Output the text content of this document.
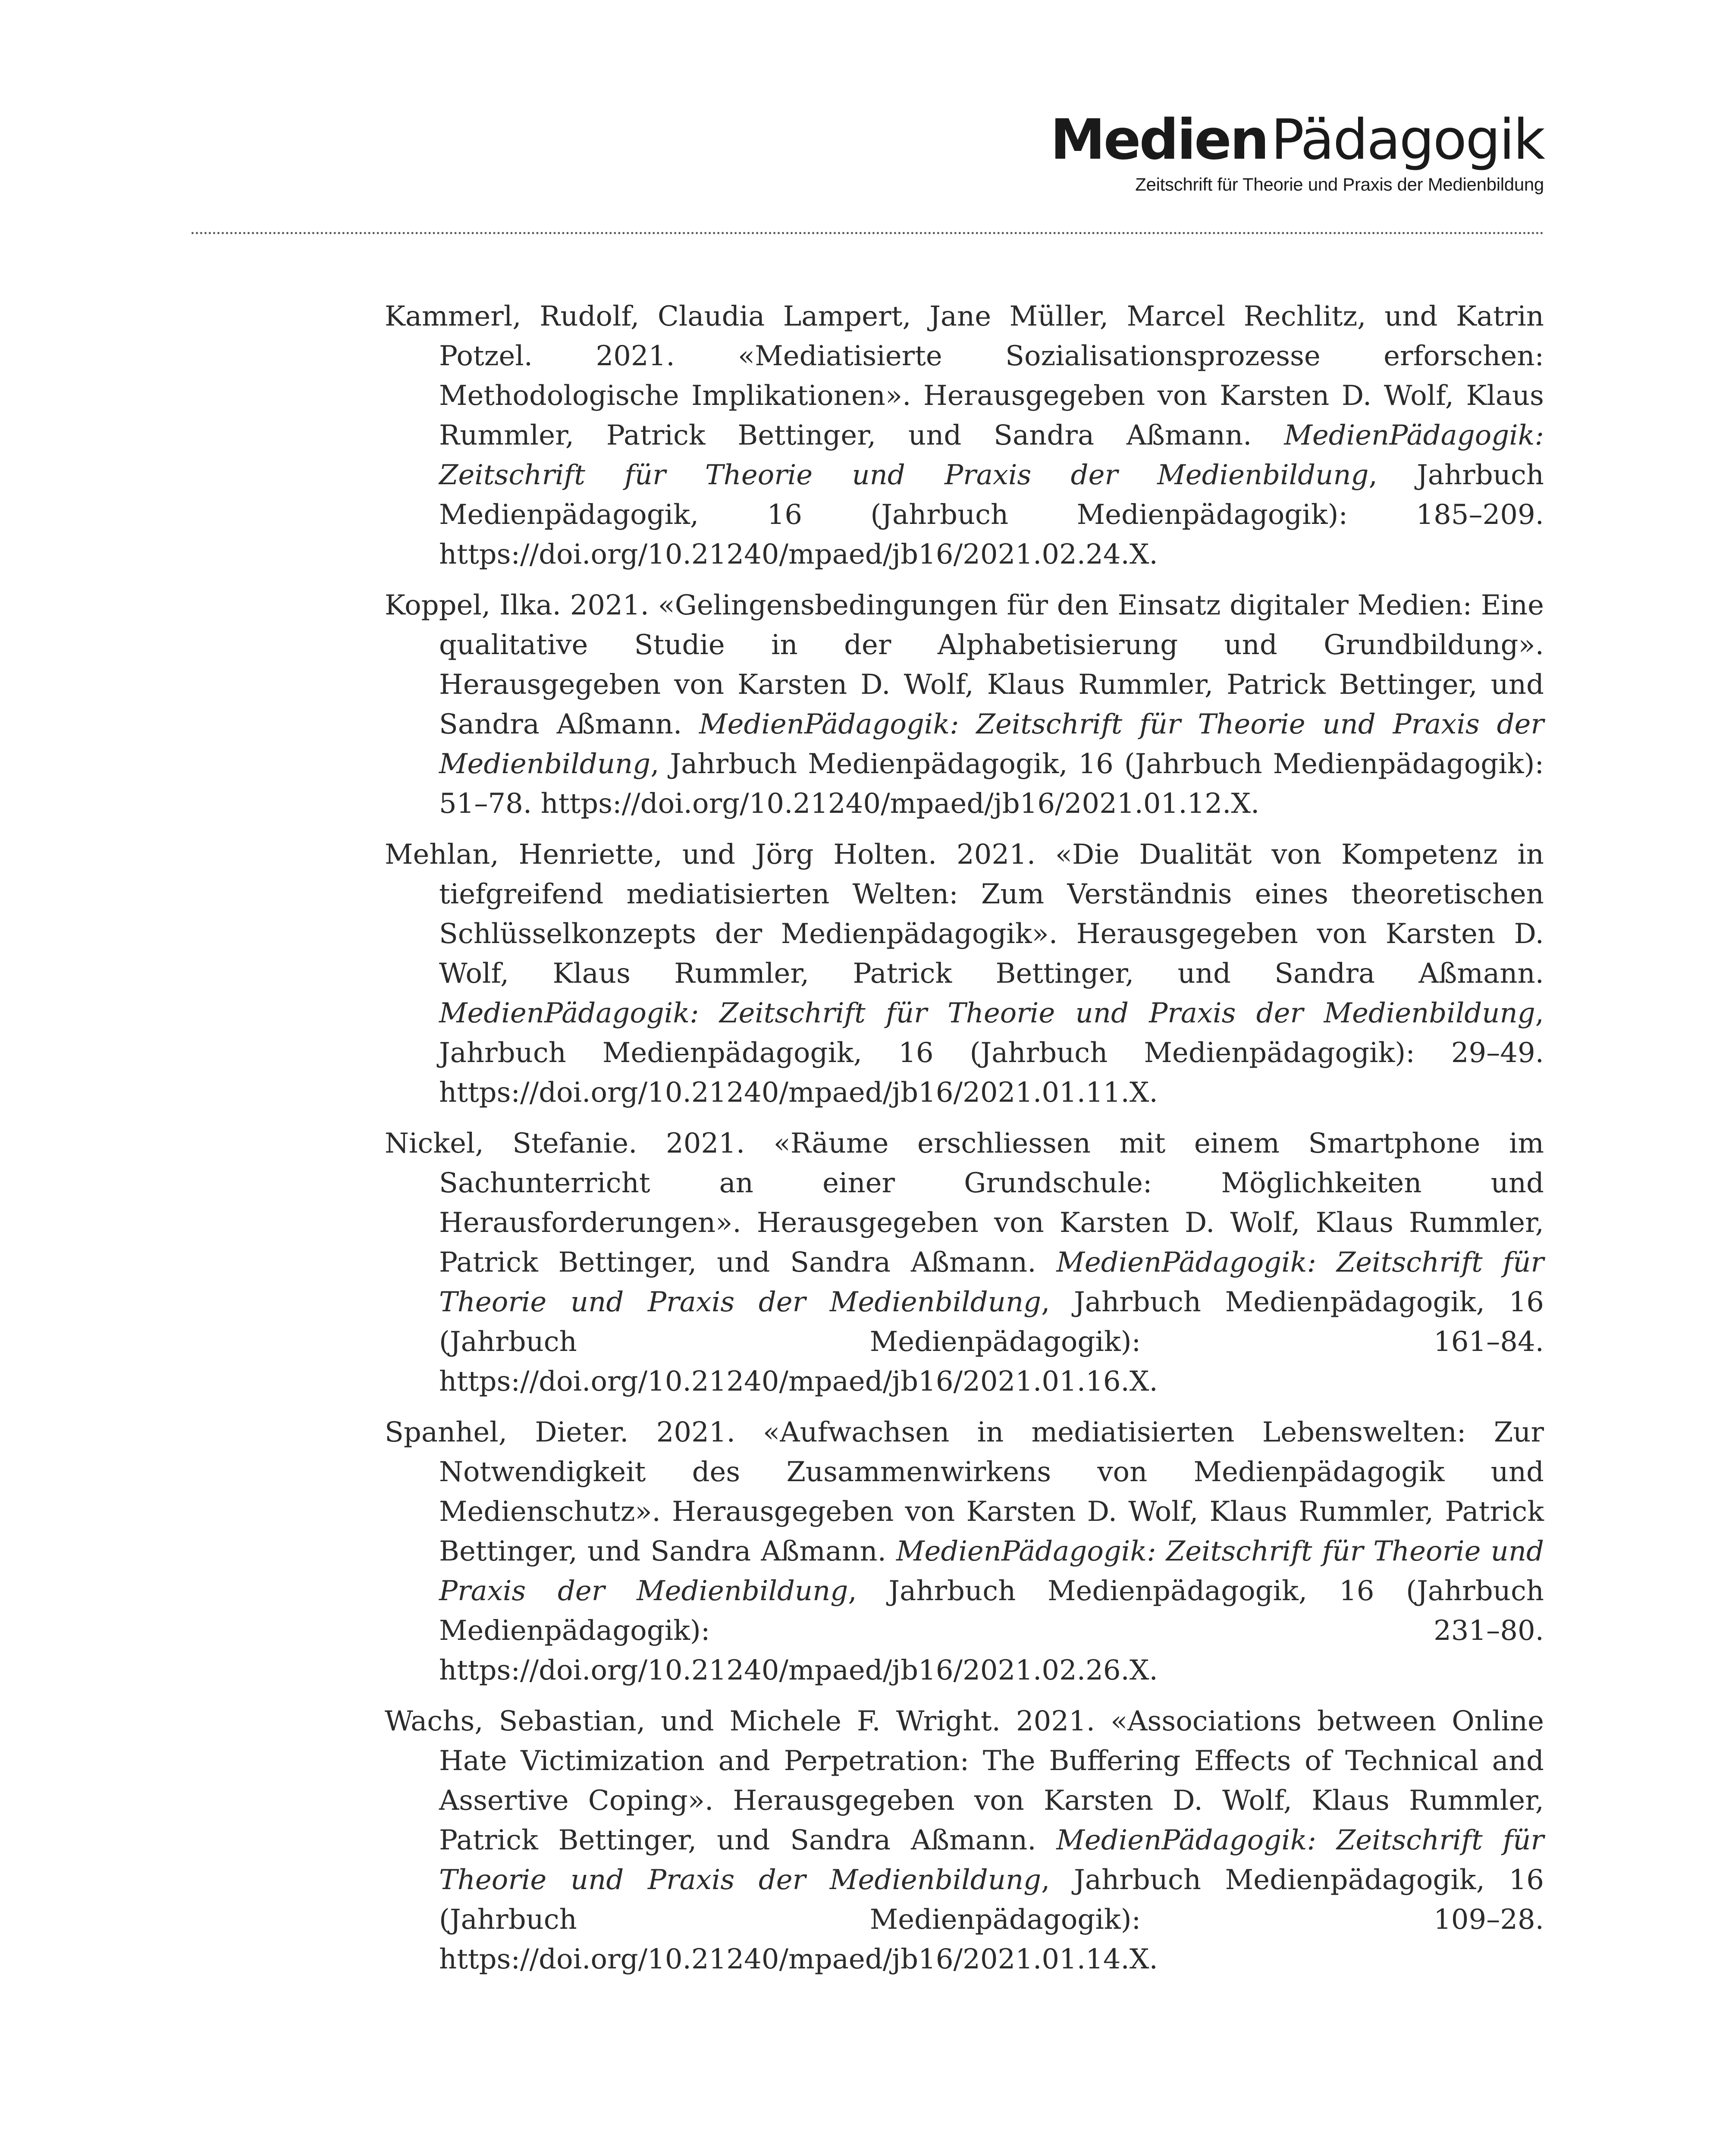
MedienPädagogik
Zeitschrift für Theorie und Praxis der Medienbildung

Kammerl, Rudolf, Claudia Lampert, Jane Müller, Marcel Rechlitz, und Katrin Potzel. 2021. «Mediatisierte Sozialisationsprozesse erforschen: Methodologische Implikationen». Herausgegeben von Karsten D. Wolf, Klaus Rummler, Patrick Bettinger, und Sandra Aßmann. MedienPädagogik: Zeitschrift für Theorie und Praxis der Medienbildung, Jahrbuch Medienpädagogik, 16 (Jahrbuch Medienpädagogik): 185–209. https://doi.org/10.21240/mpaed/jb16/2021.02.24.X.

Koppel, Ilka. 2021. «Gelingensbedingungen für den Einsatz digitaler Medien: Eine qualitative Studie in der Alphabetisierung und Grundbildung». Herausgegeben von Karsten D. Wolf, Klaus Rummler, Patrick Bettinger, und Sandra Aßmann. MedienPädagogik: Zeitschrift für Theorie und Praxis der Medienbildung, Jahrbuch Medienpädagogik, 16 (Jahrbuch Medienpädagogik): 51–78. https://doi.org/10.21240/mpaed/jb16/2021.01.12.X.

Mehlan, Henriette, und Jörg Holten. 2021. «Die Dualität von Kompetenz in tiefgreifend mediatisierten Welten: Zum Verständnis eines theoretischen Schlüsselkonzepts der Medienpädagogik». Herausgegeben von Karsten D. Wolf, Klaus Rummler, Patrick Bettinger, und Sandra Aßmann. MedienPädagogik: Zeitschrift für Theorie und Praxis der Medienbildung, Jahrbuch Medienpädagogik, 16 (Jahrbuch Medienpädagogik): 29–49. https://doi.org/10.21240/mpaed/jb16/2021.01.11.X.

Nickel, Stefanie. 2021. «Räume erschliessen mit einem Smartphone im Sachunterricht an einer Grundschule: Möglichkeiten und Herausforderungen». Herausgegeben von Karsten D. Wolf, Klaus Rummler, Patrick Bettinger, und Sandra Aßmann. MedienPädagogik: Zeitschrift für Theorie und Praxis der Medienbildung, Jahrbuch Medienpädagogik, 16 (Jahrbuch Medienpädagogik): 161–84. https://doi.org/10.21240/mpaed/jb16/2021.01.16.X.

Spanhel, Dieter. 2021. «Aufwachsen in mediatisierten Lebenswelten: Zur Notwendigkeit des Zusammenwirkens von Medienpädagogik und Medienschutz». Herausgegeben von Karsten D. Wolf, Klaus Rummler, Patrick Bettinger, und Sandra Aßmann. MedienPädagogik: Zeitschrift für Theorie und Praxis der Medienbildung, Jahrbuch Medienpädagogik, 16 (Jahrbuch Medienpädagogik): 231–80. https://doi.org/10.21240/mpaed/jb16/2021.02.26.X.

Wachs, Sebastian, und Michele F. Wright. 2021. «Associations between Online Hate Victimization and Perpetration: The Buffering Effects of Technical and Assertive Coping». Herausgegeben von Karsten D. Wolf, Klaus Rummler, Patrick Bettinger, und Sandra Aßmann. MedienPädagogik: Zeitschrift für Theorie und Praxis der Medienbildung, Jahrbuch Medienpädagogik, 16 (Jahrbuch Medienpädagogik): 109–28. https://doi.org/10.21240/mpaed/jb16/2021.01.14.X.
